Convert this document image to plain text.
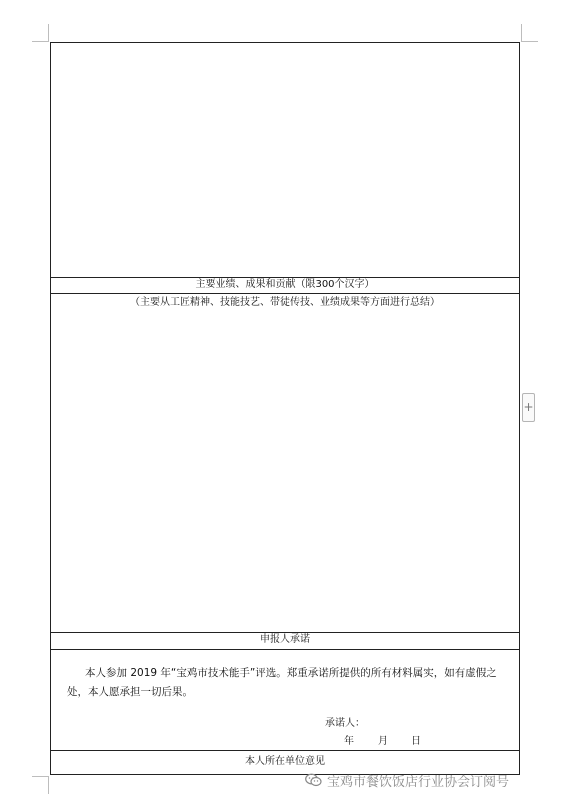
主要业绩、成果和贡献（限300个汉字）
（主要从工匠精神、技能技艺、带徒传技、业绩成果等方面进行总结）
申报人承诺
本人参加 2019 年“宝鸡市技术能手”评选。郑重承诺所提供的所有材料属实，如有虚假之处，本人愿承担一切后果。
承诺人：
年 月 日
本人所在单位意见
+
宝鸡市餐饮饭店行业协会订阅号
